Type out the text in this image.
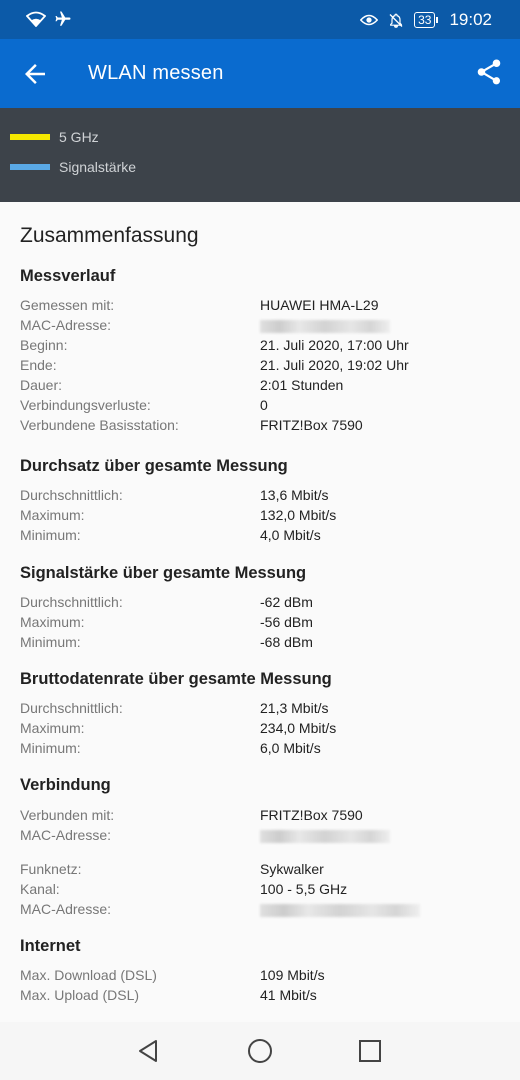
33 19:02
WLAN messen
5 GHz
Signalstärke
Zusammenfassung
Messverlauf
Gemessen mit:	HUAWEI HMA-L29
MAC-Adresse:
Beginn:	21. Juli 2020, 17:00 Uhr
Ende:	21. Juli 2020, 19:02 Uhr
Dauer:	2:01 Stunden
Verbindungsverluste:	0
Verbundene Basisstation:	FRITZ!Box 7590
Durchsatz über gesamte Messung
Durchschnittlich:	13,6 Mbit/s
Maximum:	132,0 Mbit/s
Minimum:	4,0 Mbit/s
Signalstärke über gesamte Messung
Durchschnittlich:	-62 dBm
Maximum:	-56 dBm
Minimum:	-68 dBm
Bruttodatenrate über gesamte Messung
Durchschnittlich:	21,3 Mbit/s
Maximum:	234,0 Mbit/s
Minimum:	6,0 Mbit/s
Verbindung
Verbunden mit:	FRITZ!Box 7590
MAC-Adresse:
Funknetz:	Sykwalker
Kanal:	100 - 5,5 GHz
MAC-Adresse:
Internet
Max. Download (DSL)	109 Mbit/s
Max. Upload (DSL)	41 Mbit/s
